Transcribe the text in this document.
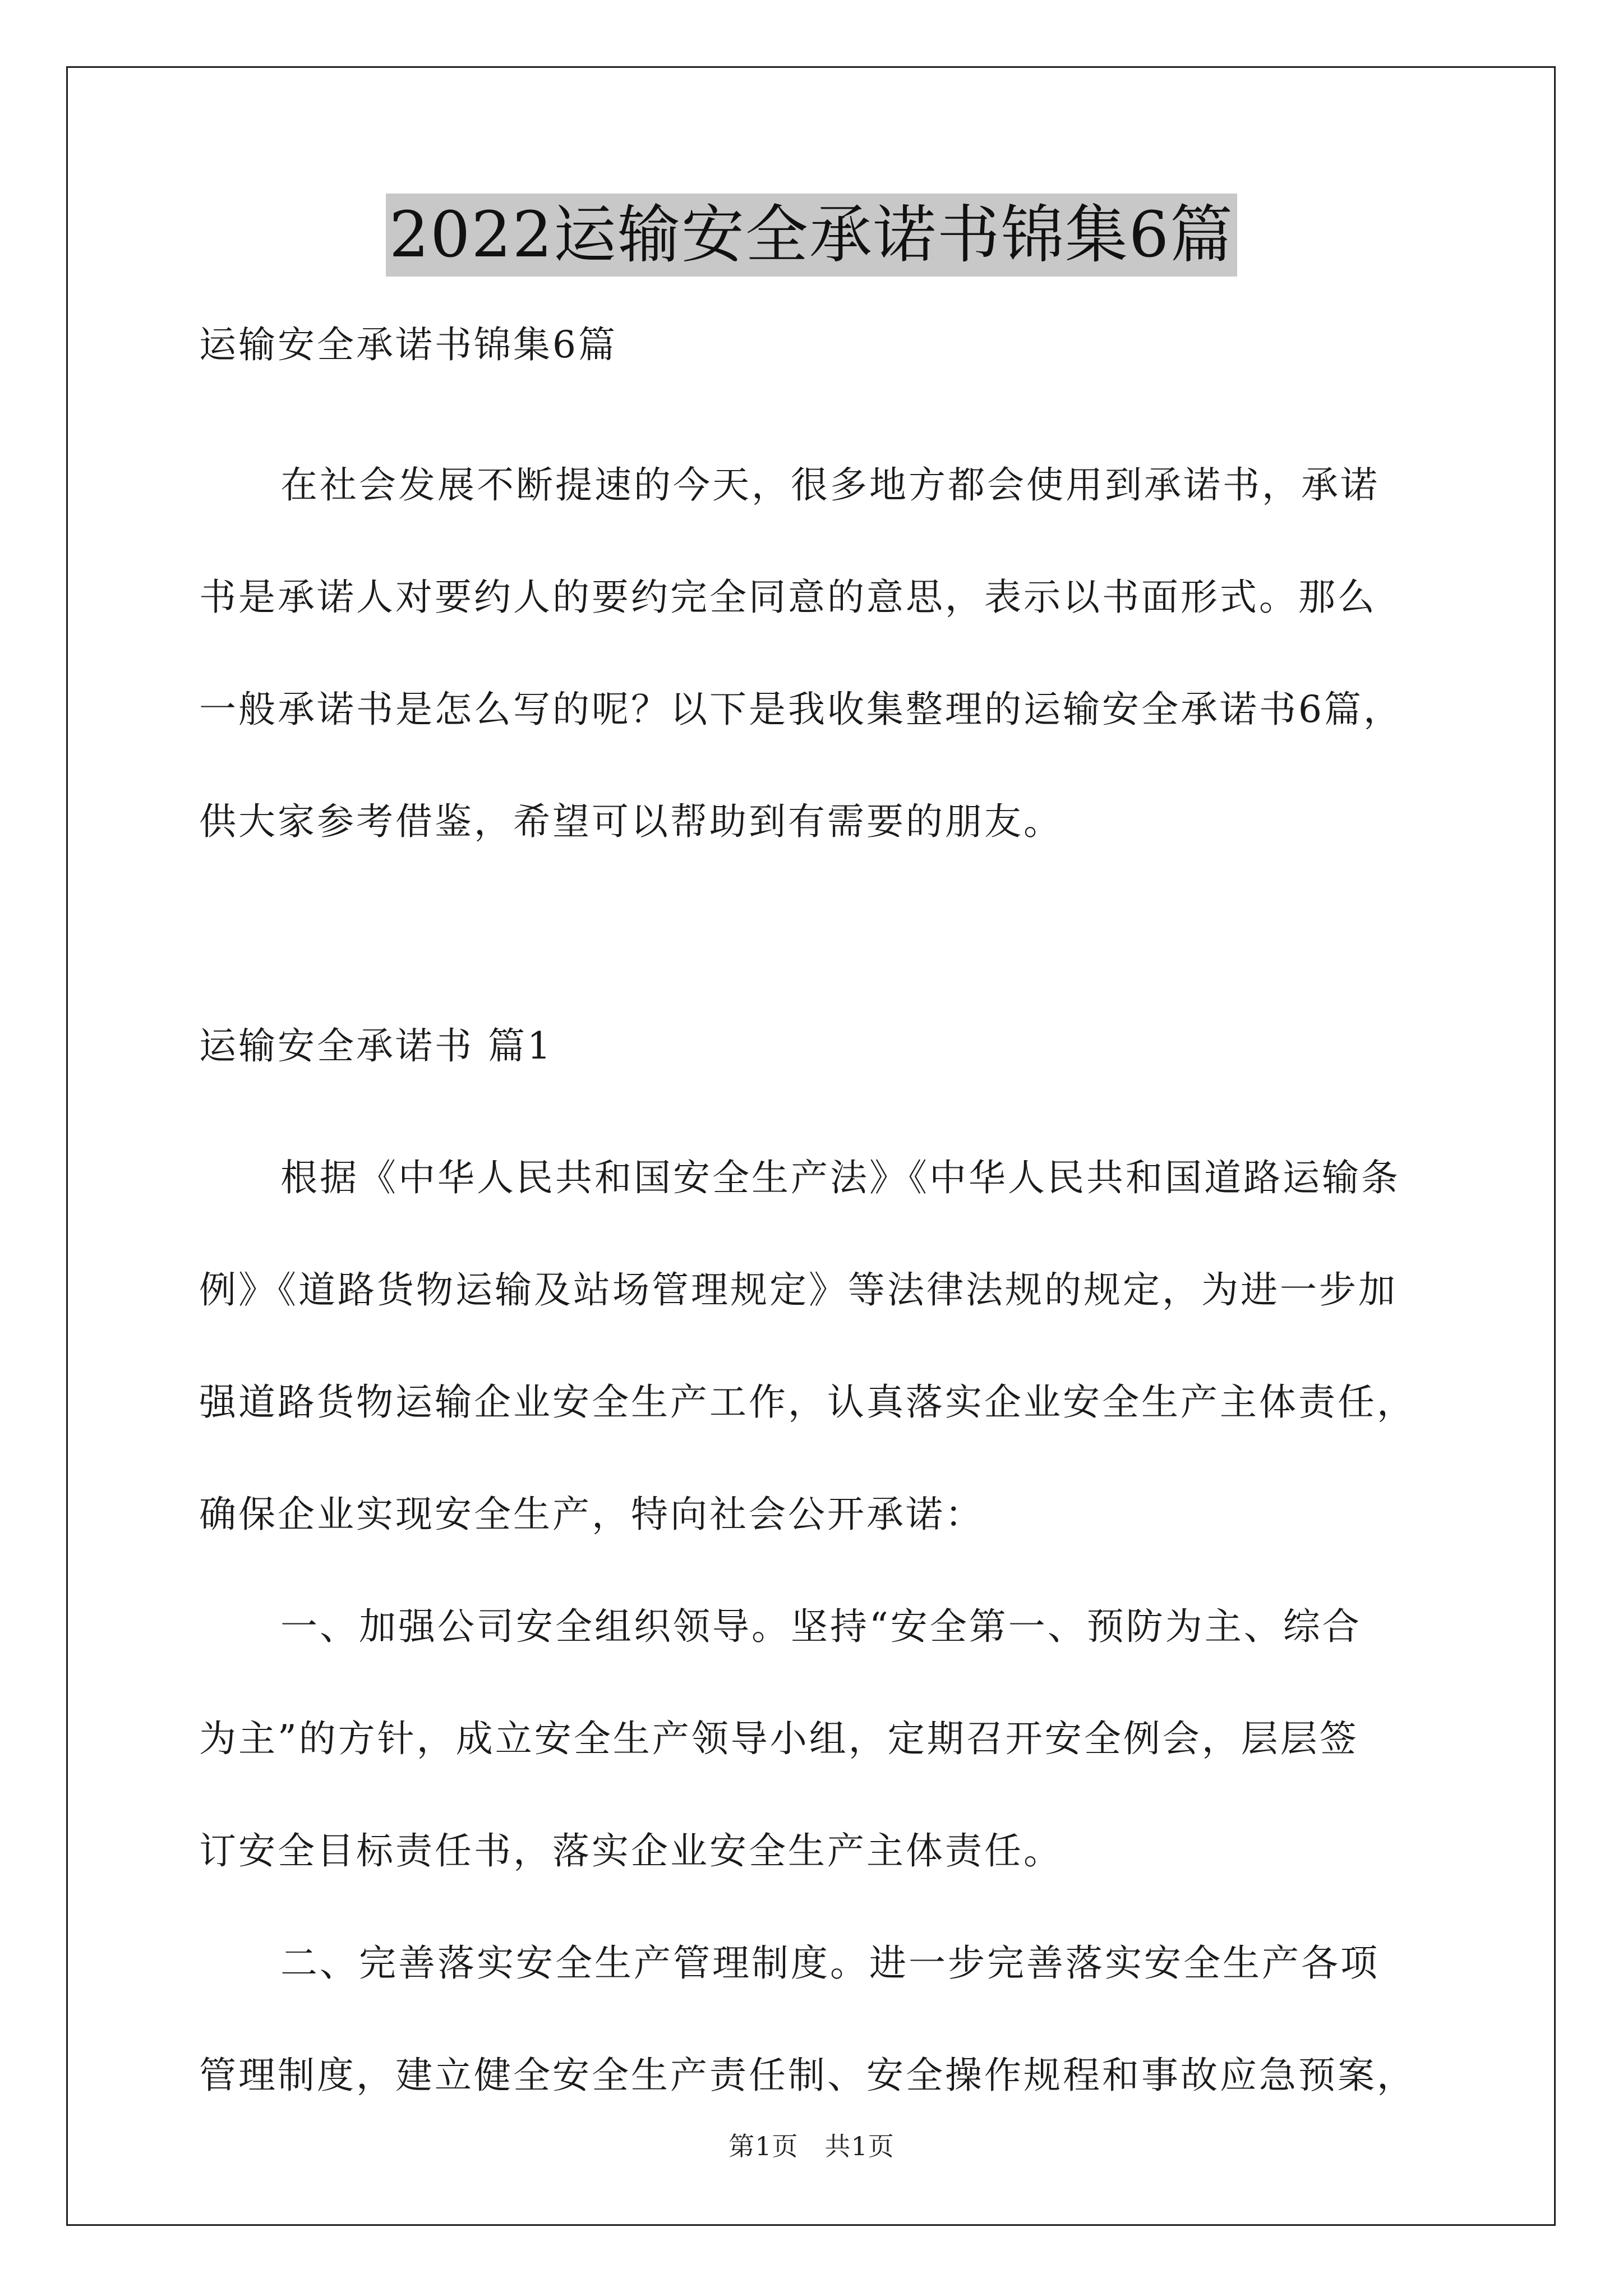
2022运输安全承诺书锦集6篇
运输安全承诺书锦集6篇
在社会发展不断提速的今天，很多地方都会使用到承诺书，承诺
书是承诺人对要约人的要约完全同意的意思，表示以书面形式。那么
一般承诺书是怎么写的呢？以下是我收集整理的运输安全承诺书6篇，
供大家参考借鉴，希望可以帮助到有需要的朋友。
运输安全承诺书 篇1
根据《中华人民共和国安全生产法》《中华人民共和国道路运输条
例》《道路货物运输及站场管理规定》等法律法规的规定，为进一步加
强道路货物运输企业安全生产工作，认真落实企业安全生产主体责任，
确保企业实现安全生产，特向社会公开承诺：
一、加强公司安全组织领导。坚持“安全第一、预防为主、综合
为主”的方针，成立安全生产领导小组，定期召开安全例会，层层签
订安全目标责任书，落实企业安全生产主体责任。
二、完善落实安全生产管理制度。进一步完善落实安全生产各项
管理制度，建立健全安全生产责任制、安全操作规程和事故应急预案，
第1页　共1页
